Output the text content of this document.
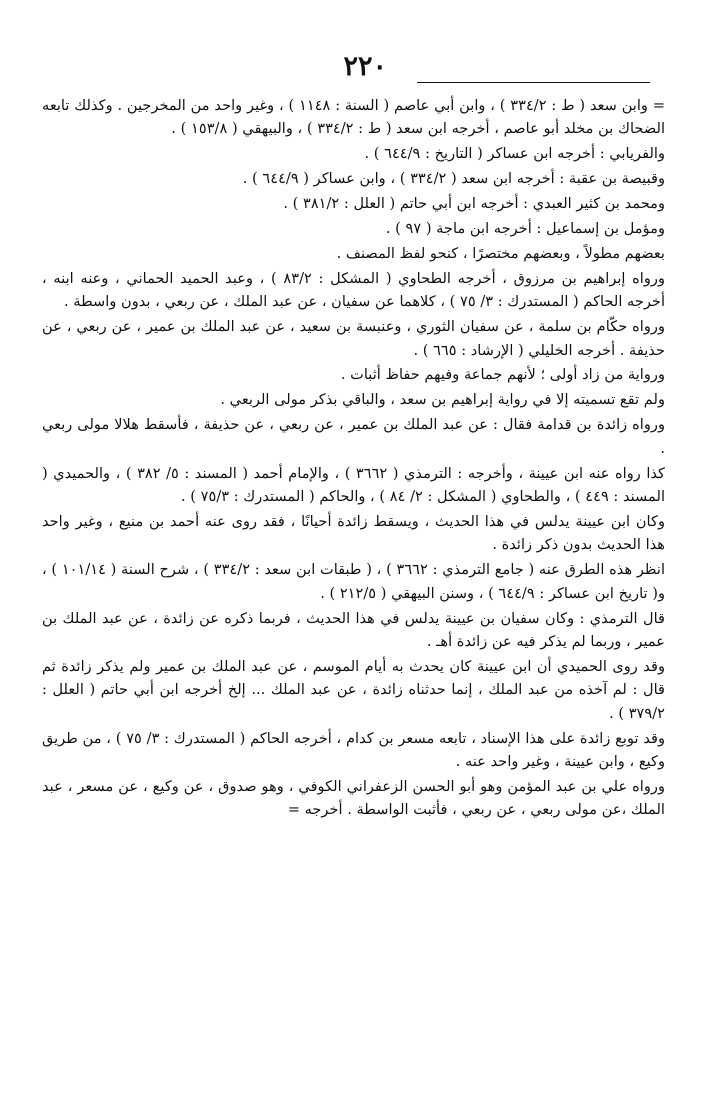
٢٢٠

= وابن سعد ( ط : ٣٣٤/٢ ) ، وابن أبي عاصم ( السنة : ١١٤٨ ) ، وغير واحد من المخرجين . وكذلك تابعه الضحاك بن مخلد أبو عاصم ، أخرجه ابن سعد ( ط : ٣٣٤/٢ ) ، والبيهقي ( ١٥٣/٨ ) .

والفريابي : أخرجه ابن عساكر ( التاريخ : ٦٤٤/٩ ) .

وقبيصة بن عقبة : أخرجه ابن سعد ( ٣٣٤/٢ ) ، وابن عساكر ( ٦٤٤/٩ ) .

ومحمد بن كثير العبدي : أخرجه ابن أبي حاتم ( العلل : ٣٨١/٢ ) .

ومؤمل بن إسماعيل : أخرجه ابن ماجة ( ٩٧ ) .

بعضهم مطولاً ، وبعضهم مختصرًا ، كنحو لفظ المصنف .

ورواه إبراهيم بن مرزوق ، أخرجه الطحاوي ( المشكل : ٨٣/٢ ) ، وعبد الحميد الحماني ، وعنه ابنه ، أخرجه الحاكم ( المستدرك : ٣/ ٧٥ ) ، كلاهما عن سفيان ، عن عبد الملك ، عن ربعي ، بدون واسطة .

ورواه حكّام بن سلمة ، عن سفيان الثوري ، وعنبسة بن سعيد ، عن عبد الملك بن عمير ، عن ربعي ، عن حذيفة . أخرجه الخليلي ( الإرشاد : ٦٦٥ ) .

ورواية من زاد أولى ؛ لأنهم جماعة وفيهم حفاظ أثبات .

ولم تقع تسميته إلا في رواية إبراهيم بن سعد ، والباقي بذكر مولى الربعي .

ورواه زائدة بن قدامة فقال : عن عبد الملك بن عمير ، عن ربعي ، عن حذيفة ، فأسقط هلالا مولى ربعي .

كذا رواه عنه ابن عيينة ، وأخرجه : الترمذي ( ٣٦٦٢ ) ، والإمام أحمد ( المسند : ٥/ ٣٨٢ ) ، والحميدي ( المسند : ٤٤٩ ) ، والطحاوي ( المشكل : ٢/ ٨٤ ) ، والحاكم ( المستدرك : ٧٥/٣ ) .

وكان ابن عيينة يدلس في هذا الحديث ، ويسقط زائدة أحيانًا ، فقد روى عنه أحمد بن منيع ، وغير واحد هذا الحديث بدون ذكر زائدة .

انظر هذه الطرق عنه ( جامع الترمذي : ٣٦٦٢ ) ، ( طبقات ابن سعد : ٣٣٤/٢ ) ، شرح السنة ( ١٠١/١٤ ) ، و( تاريخ ابن عساكر : ٦٤٤/٩ ) ، وسنن البيهقي ( ٢١٢/٥ ) .

قال الترمذي : وكان سفيان بن عيينة يدلس في هذا الحديث ، فربما ذكره عن زائدة ، عن عبد الملك بن عمير ، وربما لم يذكر فيه عن زائدة أهـ .

وقد روى الحميدي أن ابن عيينة كان يحدث به أيام الموسم ، عن عبد الملك بن عمير ولم يذكر زائدة ثم قال : لم آخذه من عبد الملك ، إنما حدثناه زائدة ، عن عبد الملك ... إلخ أخرجه ابن أبي حاتم ( العلل : ٣٧٩/٢ ) .

وقد توبع زائدة على هذا الإسناد ، تابعه مسعر بن كدام ، أخرجه الحاكم ( المستدرك : ٣/ ٧٥ ) ، من طريق وكيع ، وابن عيينة ، وغير واحد عنه .

ورواه علي بن عبد المؤمن وهو أبو الحسن الزعفراني الكوفي ، وهو صدوق ، عن وكيع ، عن مسعر ، عبد الملك ،عن مولى ربعي ، عن ربعي ، فأثبت الواسطة . أخرجه =
